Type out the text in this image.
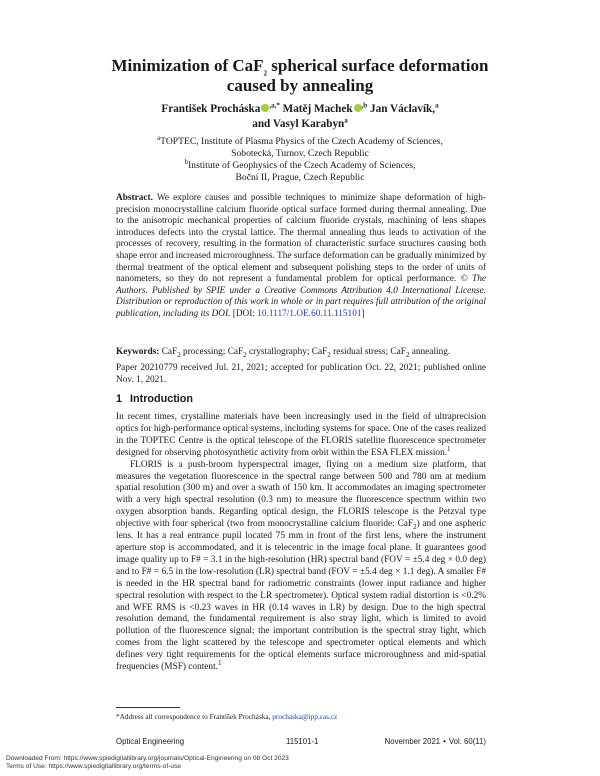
Minimization of CaF$_2$ spherical surface deformation
caused by annealing
František Procháska $^{,a,*}$ Matěj Machek $^{,b}$ Jan Václavík,$^a$
and Vasyl Karabyn$^a$
$^a$TOPTEC, Institute of Plasma Physics of the Czech Academy of Sciences,
Sobotecká, Turnov, Czech Republic
$^b$Institute of Geophysics of the Czech Academy of Sciences,
Boční II, Prague, Czech Republic
Abstract. We explore causes and possible techniques to minimize shape deformation of high-precision monocrystalline calcium fluoride optical surface formed during thermal annealing. Due to the anisotropic mechanical properties of calcium fluoride crystals, machining of lens shapes introduces defects into the crystal lattice. The thermal annealing thus leads to activation of the processes of recovery, resulting in the formation of characteristic surface structures causing both shape error and increased microroughness. The surface deformation can be gradually minimized by thermal treatment of the optical element and subsequent polishing steps to the order of units of nanometers, so they do not represent a fundamental problem for optical performance. © The Authors. Published by SPIE under a Creative Commons Attribution 4.0 International License. Distribution or reproduction of this work in whole or in part requires full attribution of the original publication, including its DOI. [DOI: 10.1117/1.OE.60.11.115101]
Keywords: CaF$_2$ processing; CaF$_2$ crystallography; CaF$_2$ residual stress; CaF$_2$ annealing.
Paper 20210779 received Jul. 21, 2021; accepted for publication Oct. 22, 2021; published online Nov. 1, 2021.
1 Introduction

In recent times, crystalline materials have been increasingly used in the field of ultraprecision optics for high-performance optical systems, including systems for space. One of the cases realized in the TOPTEC Centre is the optical telescope of the FLORIS satellite fluorescence spectrometer designed for observing photosynthetic activity from orbit within the ESA FLEX mission.$^1$

FLORIS is a push-broom hyperspectral imager, flying on a medium size platform, that measures the vegetation fluorescence in the spectral range between 500 and 780 nm at medium spatial resolution (300 m) and over a swath of 150 km. It accommodates an imaging spectrometer with a very high spectral resolution (0.3 nm) to measure the fluorescence spectrum within two oxygen absorption bands. Regarding optical design, the FLORIS telescope is the Petzval type objective with four spherical (two from monocrystalline calcium fluoride: CaF$_2$) and one aspheric lens. It has a real entrance pupil located 75 mm in front of the first lens, where the instrument aperture stop is accommodated, and it is telecentric in the image focal plane. It guarantees good image quality up to F# = 3.1 in the high-resolution (HR) spectral band (FOV = ±5.4 deg × 0.0 deg) and to F# = 6.5 in the low-resolution (LR) spectral band (FOV = ±5.4 deg × 1.1 deg). A smaller F# is needed in the HR spectral band for radiometric constraints (lower input radiance and higher spectral resolution with respect to the LR spectrometer). Optical system radial distortion is <0.2% and WFE RMS is <0.23 waves in HR (0.14 waves in LR) by design. Due to the high spectral resolution demand, the fundamental requirement is also stray light, which is limited to avoid pollution of the fluorescence signal; the important contribution is the spectral stray light, which comes from the light scattered by the telescope and spectrometer optical elements and which defines very tight requirements for the optical elements surface microroughness and mid-spatial frequencies (MSF) content.$^1$

*Address all correspondence to František Procháska, prochaska@ipp.cas.cz
Optical Engineering	115101-1	November 2021 • Vol. 60(11)
Downloaded From: https://www.spiedigitallibrary.org/journals/Optical-Engineering on 08 Oct 2023
Terms of Use: https://www.spiedigitallibrary.org/terms-of-use
